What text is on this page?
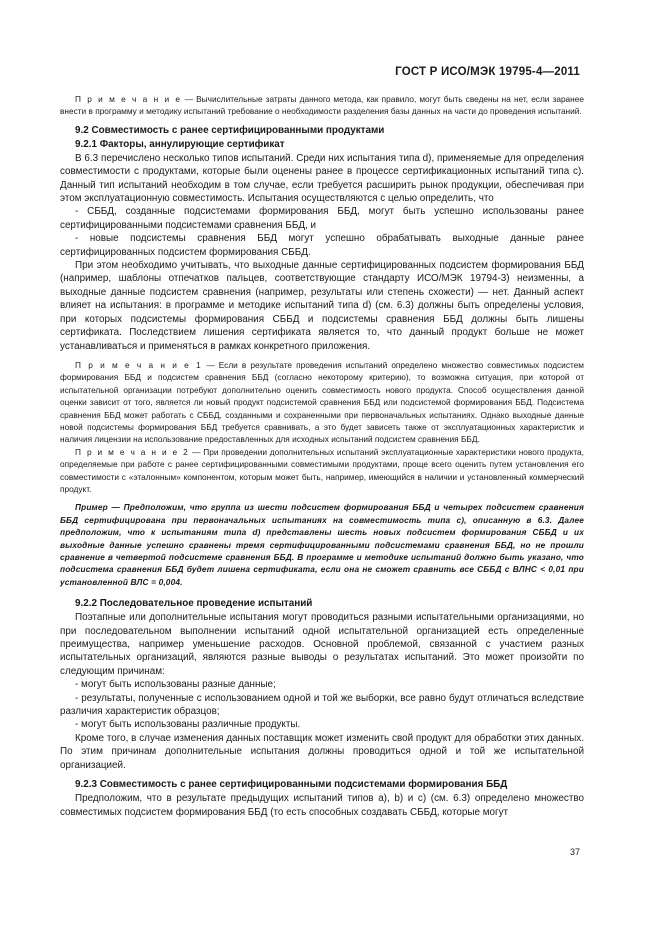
ГОСТ Р ИСО/МЭК 19795-4—2011

П р и м е ч а н и е — Вычислительные затраты данного метода, как правило, могут быть сведены на нет, если заранее внести в программу и методику испытаний требование о необходимости разделения базы данных на части до проведения испытаний.

9.2 Совместимость с ранее сертифицированными продуктами
9.2.1 Факторы, аннулирующие сертификат

В 6.3 перечислено несколько типов испытаний. Среди них испытания типа d), применяемые для определения совместимости с продуктами, которые были оценены ранее в процессе сертификационных испытаний типа c). Данный тип испытаний необходим в том случае, если требуется расширить рынок продукции, обеспечивая при этом эксплуатационную совместимость. Испытания осуществляются с целью определить, что

- СББД, созданные подсистемами формирования ББД, могут быть успешно использованы ранее сертифицированными подсистемами сравнения ББД, и

- новые подсистемы сравнения ББД могут успешно обрабатывать выходные данные ранее сертифицированных подсистем формирования СББД.

При этом необходимо учитывать, что выходные данные сертифицированных подсистем формирования ББД (например, шаблоны отпечатков пальцев, соответствующие стандарту ИСО/МЭК 19794-3) неизменны, а выходные данные подсистем сравнения (например, результаты или степень схожести) — нет. Данный аспект влияет на испытания: в программе и методике испытаний типа d) (см. 6.3) должны быть определены условия, при которых подсистемы формирования СББД и подсистемы сравнения ББД должны быть лишены сертификата. Последствием лишения сертификата является то, что данный продукт больше не может устанавливаться и применяться в рамках конкретного приложения.

П р и м е ч а н и е 1 — Если в результате проведения испытаний определено множество совместимых подсистем формирования ББД и подсистем сравнения ББД (согласно некоторому критерию), то возможна ситуация, при которой от испытательной организации потребуют дополнительно оценить совместимость нового продукта. Способ осуществления данной оценки зависит от того, является ли новый продукт подсистемой сравнения ББД или подсистемой формирования ББД. Подсистема сравнения ББД может работать с СББД, созданными и сохраненными при первоначальных испытаниях. Однако выходные данные новой подсистемы формирования ББД требуется сравнивать, а это будет зависеть также от эксплуатационных характеристик и наличия лицензии на использование предоставленных для исходных испытаний подсистем сравнения ББД.

П р и м е ч а н и е 2 — При проведении дополнительных испытаний эксплуатационные характеристики нового продукта, определяемые при работе с ранее сертифицированными совместимыми продуктами, проще всего оценить путем установления его совместимости с «эталонным» компонентом, которым может быть, например, имеющийся в наличии и установленный коммерческий продукт.

Пример — Предположим, что группа из шести подсистем формирования ББД и четырех подсистем сравнения ББД сертифицирована при первоначальных испытаниях на совместимость типа c), описанную в 6.3. Далее предположим, что к испытаниям типа d) представлены шесть новых подсистем формирования СББД и их выходные данные успешно сравнены тремя сертифицированными подсистемами сравнения ББД, но не прошли сравнение в четвертой подсистеме сравнения ББД. В программе и методике испытаний должно быть указано, что подсистема сравнения ББД будет лишена сертификата, если она не сможет сравнить все СББД с ВЛНС < 0,01 при установленной ВЛС = 0,004.

9.2.2 Последовательное проведение испытаний

Поэтапные или дополнительные испытания могут проводиться разными испытательными организациями, но при последовательном выполнении испытаний одной испытательной организацией есть определенные преимущества, например уменьшение расходов. Основной проблемой, связанной с участием разных испытательных организаций, являются разные выводы о результатах испытаний. Это может произойти по следующим причинам:

- могут быть использованы разные данные;

- результаты, полученные с использованием одной и той же выборки, все равно будут отличаться вследствие различия характеристик образцов;

- могут быть использованы различные продукты.

Кроме того, в случае изменения данных поставщик может изменить свой продукт для обработки этих данных. По этим причинам дополнительные испытания должны проводиться одной и той же испытательной организацией.

9.2.3 Совместимость с ранее сертифицированными подсистемами формирования ББД

Предположим, что в результате предыдущих испытаний типов a), b) и c) (см. 6.3) определено множество совместимых подсистем формирования ББД (то есть способных создавать СББД, которые могут

37
